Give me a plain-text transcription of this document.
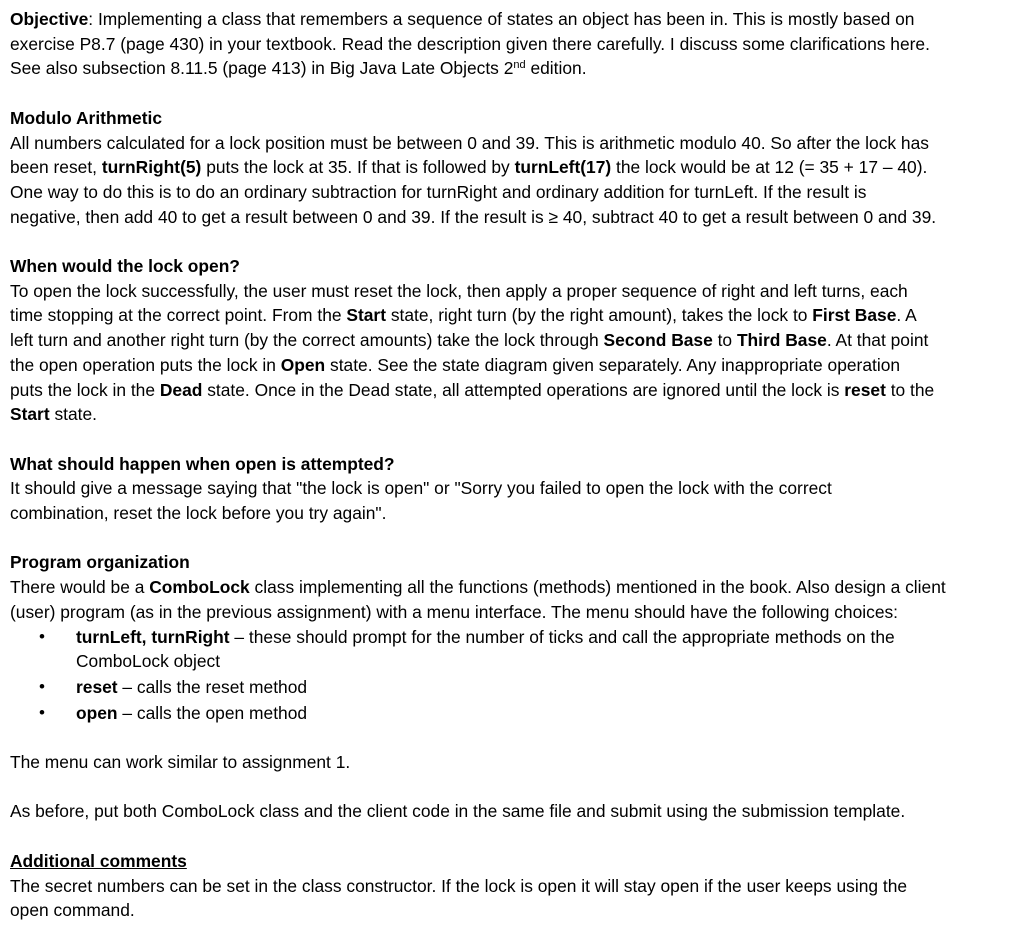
Objective: Implementing a class that remembers a sequence of states an object has been in. This is mostly based on
exercise P8.7 (page 430) in your textbook. Read the description given there carefully. I discuss some clarifications here.
See also subsection 8.11.5 (page 413) in Big Java Late Objects 2nd edition.

Modulo Arithmetic
All numbers calculated for a lock position must be between 0 and 39. This is arithmetic modulo 40. So after the lock has
been reset, turnRight(5) puts the lock at 35. If that is followed by turnLeft(17) the lock would be at 12 (= 35 + 17 – 40).
One way to do this is to do an ordinary subtraction for turnRight and ordinary addition for turnLeft. If the result is
negative, then add 40 to get a result between 0 and 39. If the result is ≥ 40, subtract 40 to get a result between 0 and 39.

When would the lock open?
To open the lock successfully, the user must reset the lock, then apply a proper sequence of right and left turns, each
time stopping at the correct point. From the Start state, right turn (by the right amount), takes the lock to First Base. A
left turn and another right turn (by the correct amounts) take the lock through Second Base to Third Base. At that point
the open operation puts the lock in Open state. See the state diagram given separately. Any inappropriate operation
puts the lock in the Dead state. Once in the Dead state, all attempted operations are ignored until the lock is reset to the
Start state.

What should happen when open is attempted?
It should give a message saying that "the lock is open" or "Sorry you failed to open the lock with the correct
combination, reset the lock before you try again".

Program organization
There would be a ComboLock class implementing all the functions (methods) mentioned in the book. Also design a client
(user) program (as in the previous assignment) with a menu interface. The menu should have the following choices:

• turnLeft, turnRight – these should prompt for the number of ticks and call the appropriate methods on the
ComboLock object
• reset – calls the reset method
• open – calls the open method

The menu can work similar to assignment 1.

As before, put both ComboLock class and the client code in the same file and submit using the submission template.

Additional comments
The secret numbers can be set in the class constructor. If the lock is open it will stay open if the user keeps using the
open command.
